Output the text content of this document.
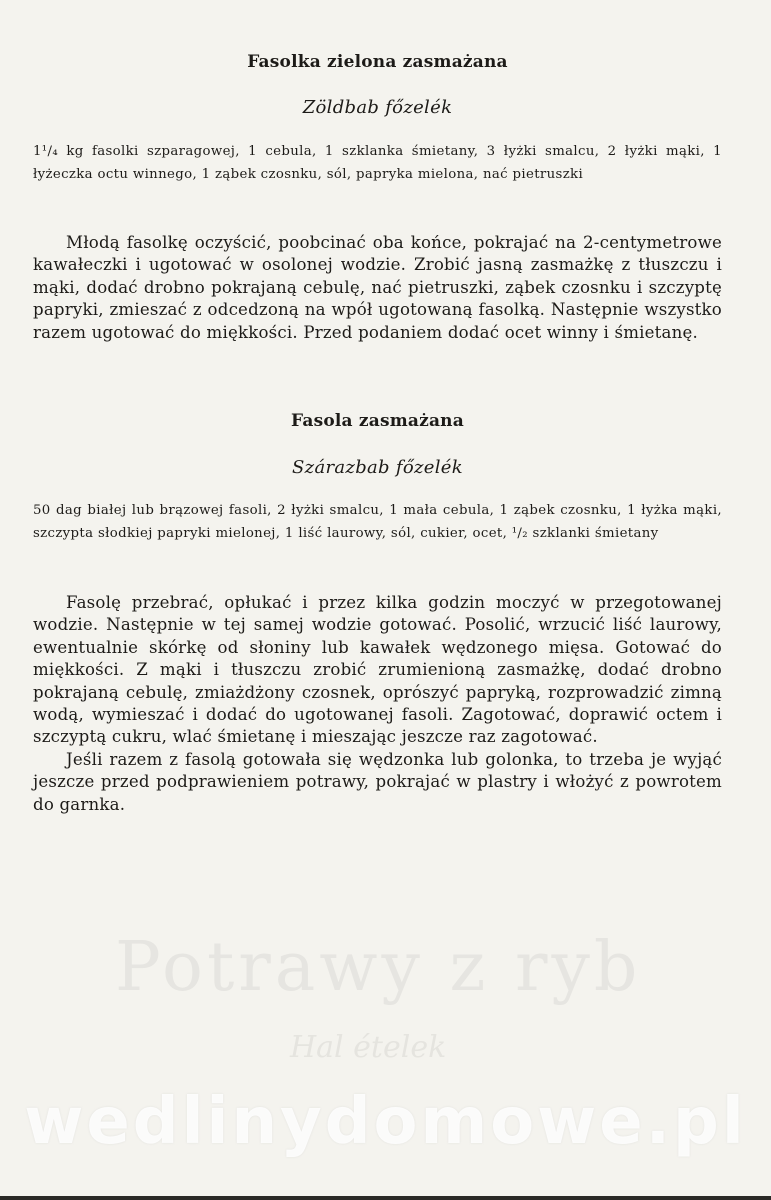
Potrawy z ryb
Hal ételek
Fasolka zielona zasmażana
Zöldbab főzelék
1¹/₄ kg fasolki szparagowej, 1 cebula, 1 szklanka śmietany, 3 łyżki smalcu, 2 łyżki mąki, 1 łyżeczka octu winnego, 1 ząbek czosnku, sól, papryka mielona, nać pietruszki

Młodą fasolkę oczyścić, poobcinać oba końce, pokrajać na 2-centymetrowe kawałeczki i ugotować w osolonej wodzie. Zrobić jasną zasmażkę z tłuszczu i mąki, dodać drobno pokrajaną cebulę, nać pietruszki, ząbek czosnku i szczyptę papryki, zmieszać z odcedzoną na wpół ugotowaną fasolką. Następnie wszystko razem ugotować do miękkości. Przed podaniem dodać ocet winny i śmietanę.

Fasola zasmażana
Szárazbab főzelék
50 dag białej lub brązowej fasoli, 2 łyżki smalcu, 1 mała cebula, 1 ząbek czosnku, 1 łyżka mąki, szczypta słodkiej papryki mielonej, 1 liść laurowy, sól, cukier, ocet, ¹/₂ szklanki śmietany

Fasolę przebrać, opłukać i przez kilka godzin moczyć w przegotowanej wodzie. Następnie w tej samej wodzie gotować. Posolić, wrzucić liść laurowy, ewentualnie skórkę od słoniny lub kawałek wędzonego mięsa. Gotować do miękkości. Z mąki i tłuszczu zrobić zrumienioną zasmażkę, dodać drobno pokrajaną cebulę, zmiażdżony czosnek, oprószyć papryką, rozprowadzić zimną wodą, wymieszać i dodać do ugotowanej fasoli. Zagotować, doprawić octem i szczyptą cukru, wlać śmietanę i mieszając jeszcze raz zagotować.

Jeśli razem z fasolą gotowała się wędzonka lub golonka, to trzeba je wyjąć jeszcze przed podprawieniem potrawy, pokrajać w plastry i włożyć z powrotem do garnka.

wedlinydomowe.pl
